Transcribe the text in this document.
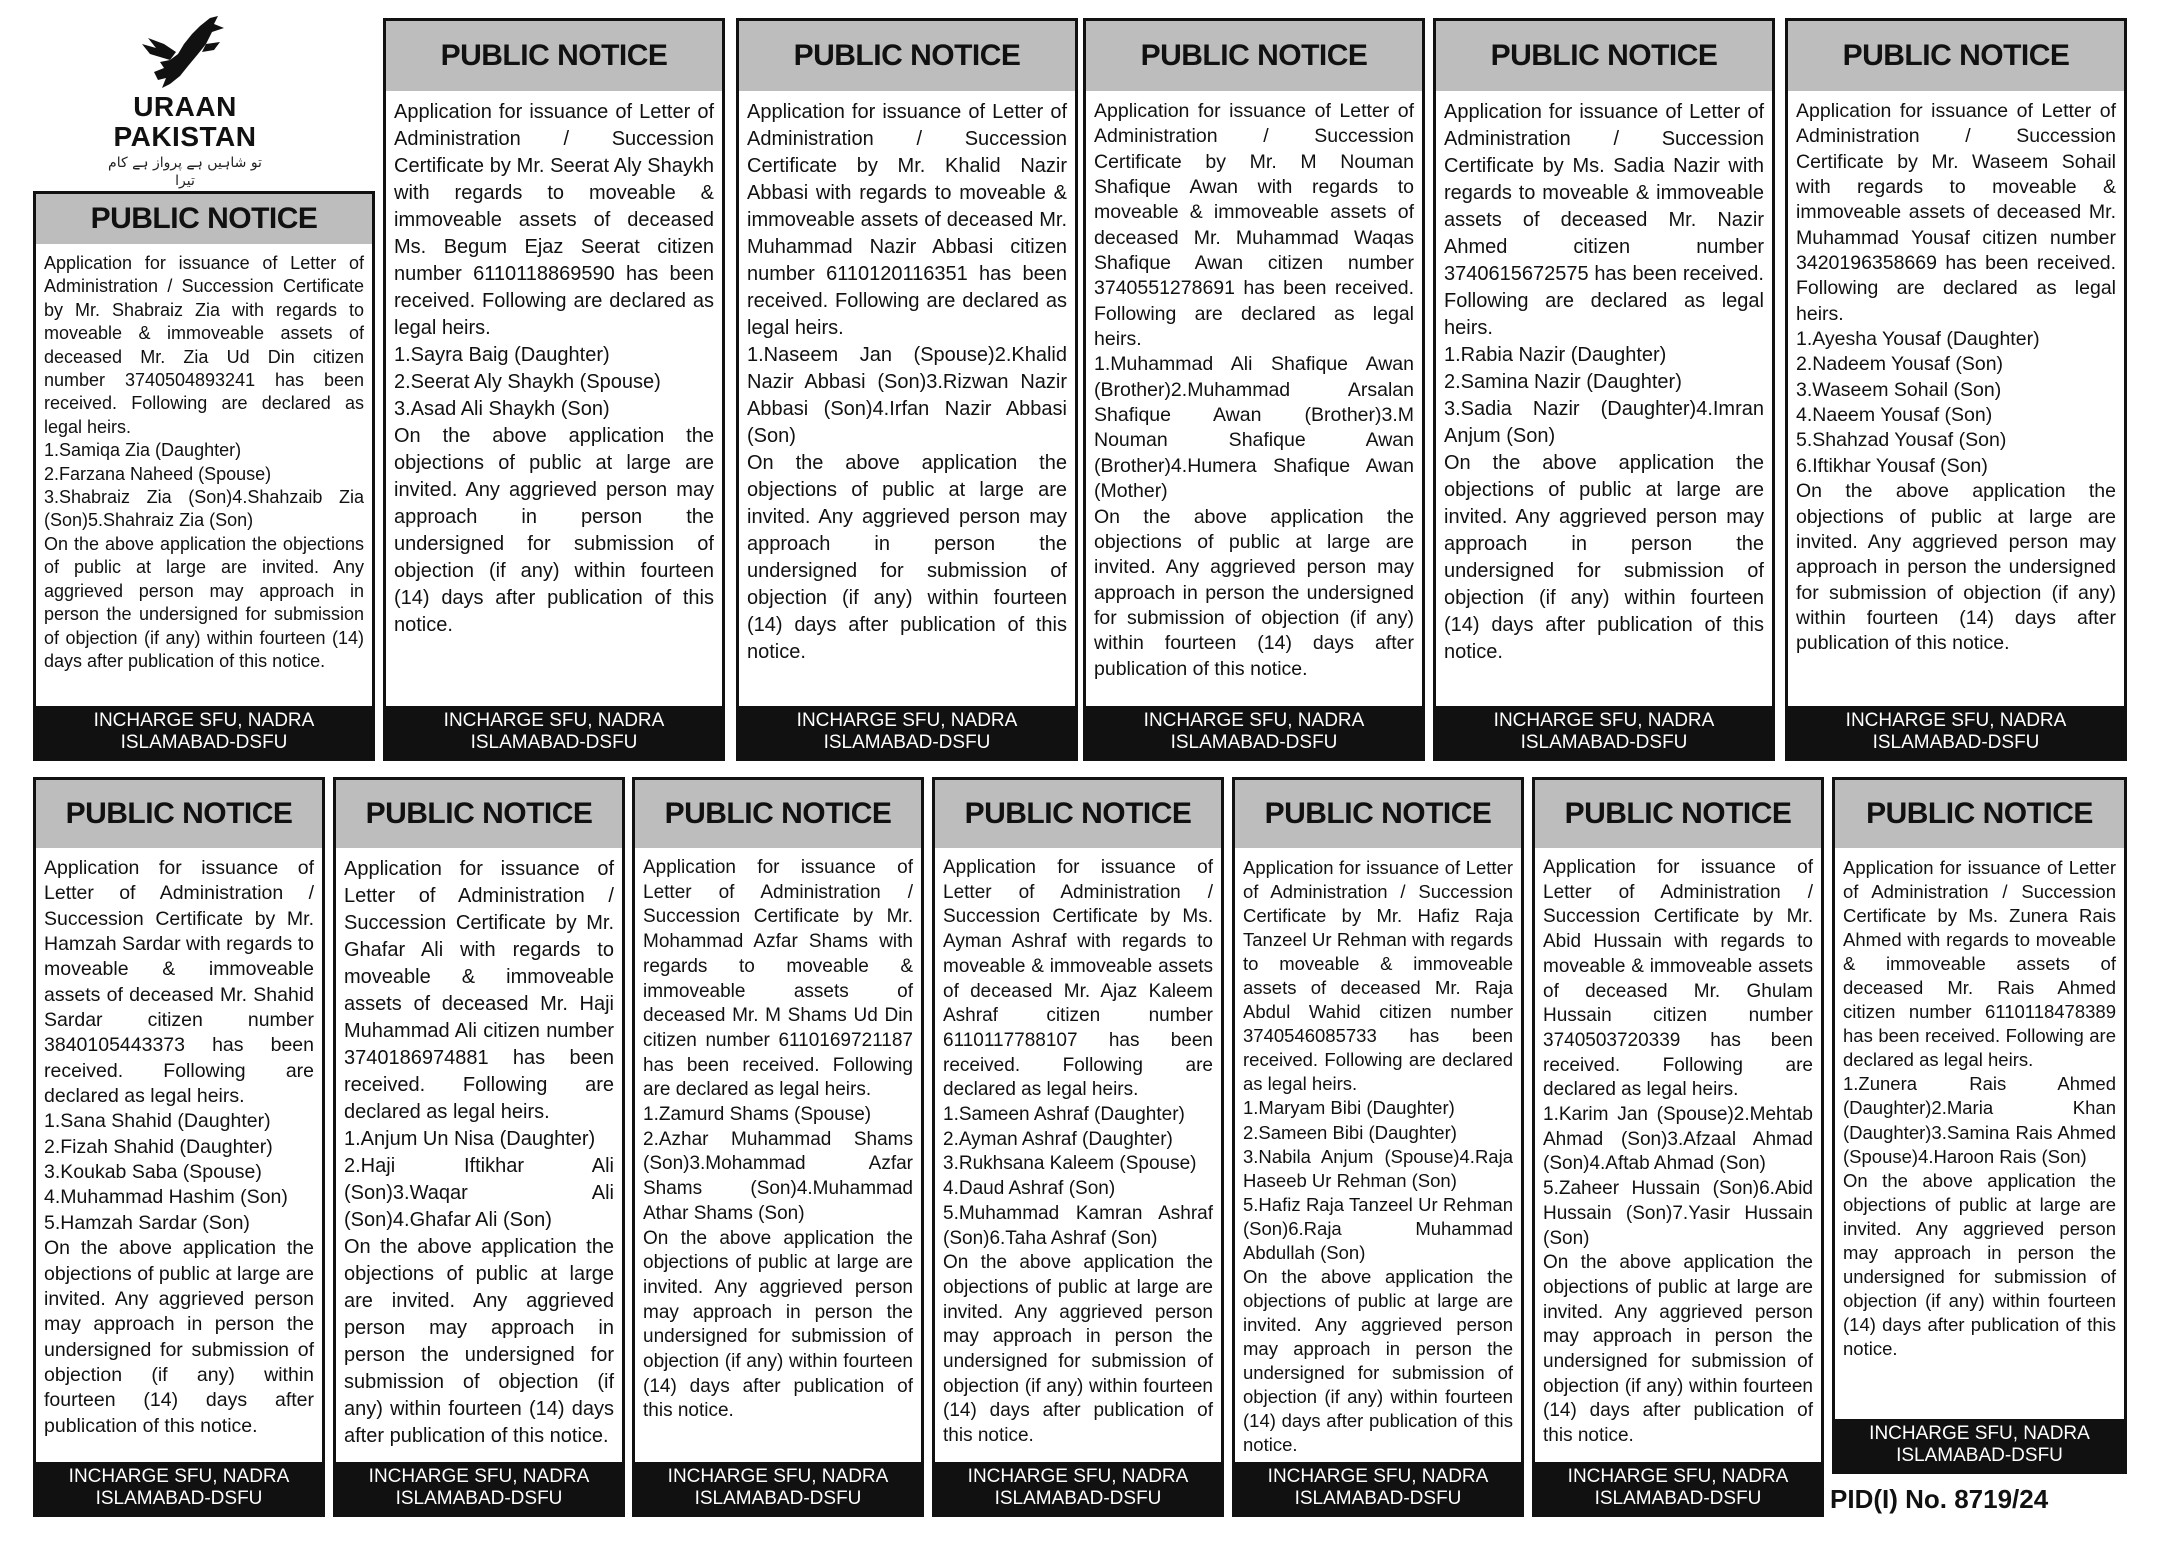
URAAN
PAKISTAN
تو شاہیں ہے پرواز ہے کام تیرا
PUBLIC NOTICE

Application for issuance of Letter of Administration / Succession Certificate by Mr. Shabraiz Zia with regards to moveable & immoveable assets of deceased Mr. Zia Ud Din citizen number 3740504893241 has been received. Following are declared as legal heirs.

1.Samiqa Zia (Daughter)

2.Farzana Naheed (Spouse)

3.Shabraiz Zia (Son)4.Shahzaib Zia (Son)5.Shahraiz Zia (Son)

On the above application the objections of public at large are invited. Any aggrieved person may approach in person the undersigned for submission of objection (if any) within fourteen (14) days after publication of this notice.

INCHARGE SFU, NADRA
ISLAMABAD-DSFU
PUBLIC NOTICE

Application for issuance of Letter of Administration / Succession Certificate by Mr. Seerat Aly Shaykh with regards to moveable & immoveable assets of deceased Ms. Begum Ejaz Seerat citizen number 6110118869590 has been received. Following are declared as legal heirs.

1.Sayra Baig (Daughter)

2.Seerat Aly Shaykh (Spouse)

3.Asad Ali Shaykh (Son)

On the above application the objections of public at large are invited. Any aggrieved person may approach in person the undersigned for submission of objection (if any) within fourteen (14) days after publication of this notice.

INCHARGE SFU, NADRA
ISLAMABAD-DSFU
PUBLIC NOTICE

Application for issuance of Letter of Administration / Succession Certificate by Mr. Khalid Nazir Abbasi with regards to moveable & immoveable assets of deceased Mr. Muhammad Nazir Abbasi citizen number 6110120116351 has been received. Following are declared as legal heirs.

1.Naseem Jan (Spouse)2.Khalid Nazir Abbasi (Son)3.Rizwan Nazir Abbasi (Son)4.Irfan Nazir Abbasi (Son)

On the above application the objections of public at large are invited. Any aggrieved person may approach in person the undersigned for submission of objection (if any) within fourteen (14) days after publication of this notice.

INCHARGE SFU, NADRA
ISLAMABAD-DSFU
PUBLIC NOTICE

Application for issuance of Letter of Administration / Succession Certificate by Mr. M Nouman Shafique Awan with regards to moveable & immoveable assets of deceased Mr. Muhammad Waqas Shafique Awan citizen number 3740551278691 has been received. Following are declared as legal heirs.

1.Muhammad Ali Shafique Awan (Brother)2.Muhammad Arsalan Shafique Awan (Brother)3.M Nouman Shafique Awan (Brother)4.Humera Shafique Awan (Mother)

On the above application the objections of public at large are invited. Any aggrieved person may approach in person the undersigned for submission of objection (if any) within fourteen (14) days after publication of this notice.

INCHARGE SFU, NADRA
ISLAMABAD-DSFU
PUBLIC NOTICE

Application for issuance of Letter of Administration / Succession Certificate by Ms. Sadia Nazir with regards to moveable & immoveable assets of deceased Mr. Nazir Ahmed citizen number 3740615672575 has been received. Following are declared as legal heirs.

1.Rabia Nazir (Daughter)

2.Samina Nazir (Daughter)

3.Sadia Nazir (Daughter)4.Imran Anjum (Son)

On the above application the objections of public at large are invited. Any aggrieved person may approach in person the undersigned for submission of objection (if any) within fourteen (14) days after publication of this notice.

INCHARGE SFU, NADRA
ISLAMABAD-DSFU
PUBLIC NOTICE

Application for issuance of Letter of Administration / Succession Certificate by Mr. Waseem Sohail with regards to moveable & immoveable assets of deceased Mr. Muhammad Yousaf citizen number 3420196358669 has been received. Following are declared as legal heirs.

1.Ayesha Yousaf (Daughter)

2.Nadeem Yousaf (Son)

3.Waseem Sohail (Son)

4.Naeem Yousaf (Son)

5.Shahzad Yousaf (Son)

6.Iftikhar Yousaf (Son)

On the above application the objections of public at large are invited. Any aggrieved person may approach in person the undersigned for submission of objection (if any) within fourteen (14) days after publication of this notice.

INCHARGE SFU, NADRA
ISLAMABAD-DSFU
PUBLIC NOTICE

Application for issuance of Letter of Administration / Succession Certificate by Mr. Hamzah Sardar with regards to moveable & immoveable assets of deceased Mr. Shahid Sardar citizen number 3840105443373 has been received. Following are declared as legal heirs.

1.Sana Shahid (Daughter)

2.Fizah Shahid (Daughter)

3.Koukab Saba (Spouse)

4.Muhammad Hashim (Son)

5.Hamzah Sardar (Son)

On the above application the objections of public at large are invited. Any aggrieved person may approach in person the undersigned for submission of objection (if any) within fourteen (14) days after publication of this notice.

INCHARGE SFU, NADRA
ISLAMABAD-DSFU
PUBLIC NOTICE

Application for issuance of Letter of Administration / Succession Certificate by Mr. Ghafar Ali with regards to moveable & immoveable assets of deceased Mr. Haji Muhammad Ali citizen number 3740186974881 has been received. Following are declared as legal heirs.

1.Anjum Un Nisa (Daughter)

2.Haji Iftikhar Ali (Son)3.Waqar Ali (Son)4.Ghafar Ali (Son)

On the above application the objections of public at large are invited. Any aggrieved person may approach in person the undersigned for submission of objection (if any) within fourteen (14) days after publication of this notice.

INCHARGE SFU, NADRA
ISLAMABAD-DSFU
PUBLIC NOTICE

Application for issuance of Letter of Administration / Succession Certificate by Mr. Mohammad Azfar Shams with regards to moveable & immoveable assets of deceased Mr. M Shams Ud Din citizen number 6110169721187 has been received. Following are declared as legal heirs.

1.Zamurd Shams (Spouse)

2.Azhar Muhammad Shams (Son)3.Mohammad Azfar Shams (Son)4.Muhammad Athar Shams (Son)

On the above application the objections of public at large are invited. Any aggrieved person may approach in person the undersigned for submission of objection (if any) within fourteen (14) days after publication of this notice.

INCHARGE SFU, NADRA
ISLAMABAD-DSFU
PUBLIC NOTICE

Application for issuance of Letter of Administration / Succession Certificate by Ms. Ayman Ashraf with regards to moveable & immoveable assets of deceased Mr. Ajaz Kaleem Ashraf citizen number 6110117788107 has been received. Following are declared as legal heirs.

1.Sameen Ashraf (Daughter)

2.Ayman Ashraf (Daughter)

3.Rukhsana Kaleem (Spouse)

4.Daud Ashraf (Son)

5.Muhammad Kamran Ashraf (Son)6.Taha Ashraf (Son)

On the above application the objections of public at large are invited. Any aggrieved person may approach in person the undersigned for submission of objection (if any) within fourteen (14) days after publication of this notice.

INCHARGE SFU, NADRA
ISLAMABAD-DSFU
PUBLIC NOTICE

Application for issuance of Letter of Administration / Succession Certificate by Mr. Hafiz Raja Tanzeel Ur Rehman with regards to moveable & immoveable assets of deceased Mr. Raja Abdul Wahid citizen number 3740546085733 has been received. Following are declared as legal heirs.

1.Maryam Bibi (Daughter)

2.Sameen Bibi (Daughter)

3.Nabila Anjum (Spouse)4.Raja Haseeb Ur Rehman (Son)

5.Hafiz Raja Tanzeel Ur Rehman (Son)6.Raja Muhammad Abdullah (Son)

On the above application the objections of public at large are invited. Any aggrieved person may approach in person the undersigned for submission of objection (if any) within fourteen (14) days after publication of this notice.

INCHARGE SFU, NADRA
ISLAMABAD-DSFU
PUBLIC NOTICE

Application for issuance of Letter of Administration / Succession Certificate by Mr. Abid Hussain with regards to moveable & immoveable assets of deceased Mr. Ghulam Hussain citizen number 3740503720339 has been received. Following are declared as legal heirs.

1.Karim Jan (Spouse)2.Mehtab Ahmad (Son)3.Afzaal Ahmad (Son)4.Aftab Ahmad (Son)

5.Zaheer Hussain (Son)6.Abid Hussain (Son)7.Yasir Hussain (Son)

On the above application the objections of public at large are invited. Any aggrieved person may approach in person the undersigned for submission of objection (if any) within fourteen (14) days after publication of this notice.

INCHARGE SFU, NADRA
ISLAMABAD-DSFU
PUBLIC NOTICE

Application for issuance of Letter of Administration / Succession Certificate by Ms. Zunera Rais Ahmed with regards to moveable & immoveable assets of deceased Mr. Rais Ahmed citizen number 6110118478389 has been received. Following are declared as legal heirs.

1.Zunera Rais Ahmed (Daughter)2.Maria Khan (Daughter)3.Samina Rais Ahmed (Spouse)4.Haroon Rais (Son)

On the above application the objections of public at large are invited. Any aggrieved person may approach in person the undersigned for submission of objection (if any) within fourteen (14) days after publication of this notice.

INCHARGE SFU, NADRA
ISLAMABAD-DSFU
PID(I) No. 8719/24
